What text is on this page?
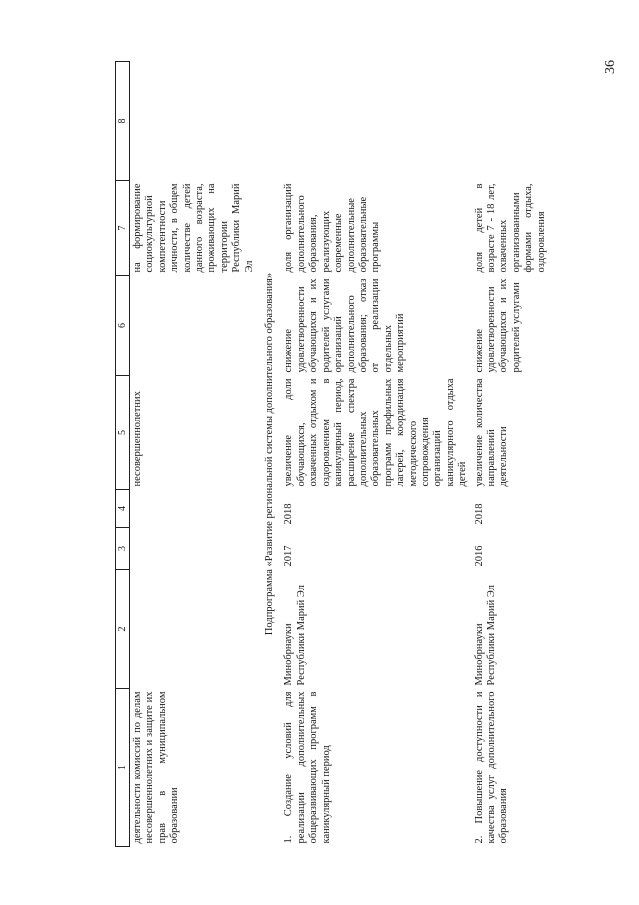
36
1	2	3	4	5	6	7	8
деятельности комиссий по делам несовершеннолетних и защите их прав в муниципальном образовании				несовершеннолетних		на формирование социокультурной компетентности личности, в общем количестве детей данного возраста, проживающих на территории Республики Марий Эл	
Подпрограмма «Развитие региональной системы дополнительного образования»							
1. Создание условий для реализации дополнительных общеразвивающих программ в каникулярный период	Минобрнауки Республики Марий Эл	2017	2018	увеличение доли обучающихся, охваченных отдыхом и оздоровлением в каникулярный период, расширение спектра дополнительных образовательных программ профильных лагерей, координация методического сопровождения организаций каникулярного отдыха детей	снижение удовлетворенности обучающихся и их родителей услугами организаций дополнительного образования; отказ от реализации отдельных мероприятий	доля организаций дополнительного образования, реализующих современные дополнительные образовательные программы	
2. Повышение доступности и качества услуг дополнительного образования	Минобрнауки Республики Марий Эл	2016	2018	увеличение количества направлений деятельности	снижение удовлетворенности обучающихся и их родителей услугами	доля детей в возрасте 7 - 18 лет, охваченных организованными формами отдыха, оздоровления	
